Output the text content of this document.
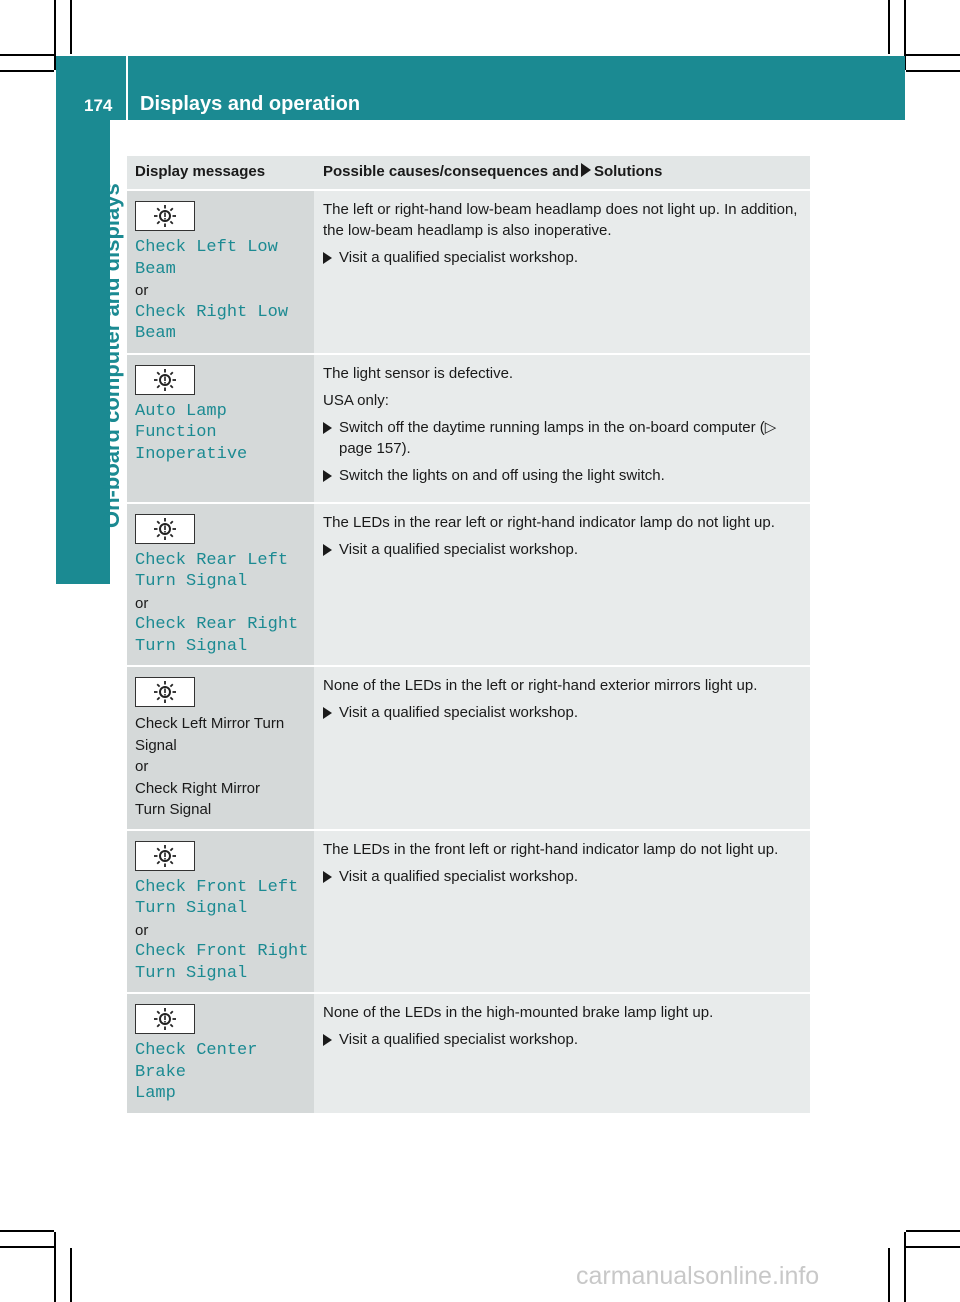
174 Displays and operation
On-board computer and displays
Display messages	Possible causes/consequences and Solutions
Check Left Low Beam
or
Check Right Low
Beam

The left or right-hand low-beam headlamp does not light up. In addition, the low-beam headlamp is also inoperative.

Visit a qualified specialist workshop.
Auto Lamp Function
Inoperative

The light sensor is defective.

USA only:

Switch off the daytime running lamps in the on-board computer (▷ page 157).
Switch the lights on and off using the light switch.
Check Rear Left
Turn Signal
or
Check Rear Right
Turn Signal

The LEDs in the rear left or right-hand indicator lamp do not light up.

Visit a qualified specialist workshop.
Check Left Mirror Turn
Signal
or
Check Right Mirror
Turn Signal

None of the LEDs in the left or right-hand exterior mirrors light up.

Visit a qualified specialist workshop.
Check Front Left
Turn Signal
or
Check Front Right
Turn Signal

The LEDs in the front left or right-hand indicator lamp do not light up.

Visit a qualified specialist workshop.
Check Center Brake
Lamp

None of the LEDs in the high-mounted brake lamp light up.

Visit a qualified specialist workshop.
carmanualsonline.info
